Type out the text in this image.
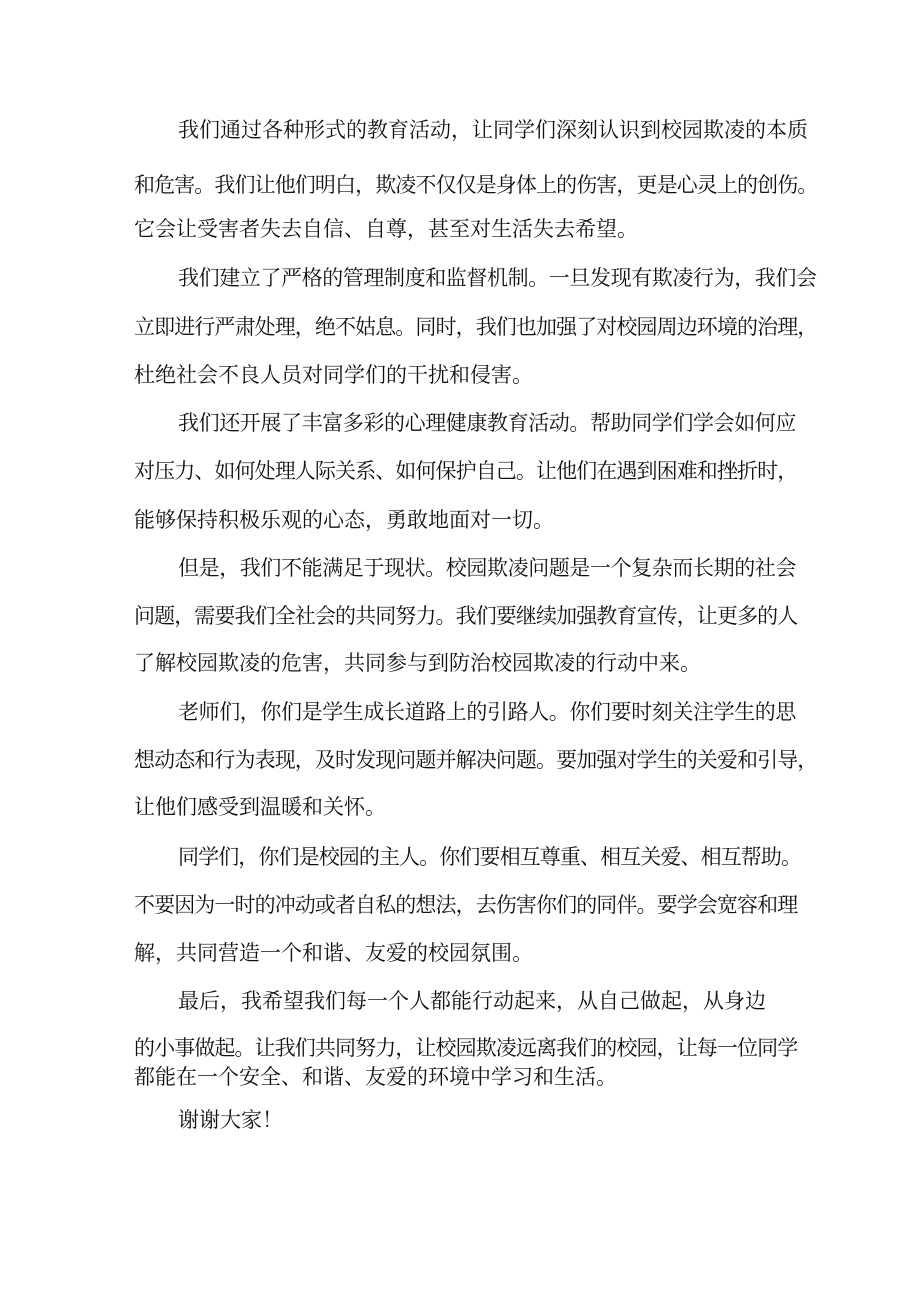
我们通过各种形式的教育活动，让同学们深刻认识到校园欺凌的本质
和危害。我们让他们明白，欺凌不仅仅是身体上的伤害，更是心灵上的创伤。
它会让受害者失去自信、自尊，甚至对生活失去希望。
我们建立了严格的管理制度和监督机制。一旦发现有欺凌行为，我们会
立即进行严肃处理，绝不姑息。同时，我们也加强了对校园周边环境的治理，
杜绝社会不良人员对同学们的干扰和侵害。
我们还开展了丰富多彩的心理健康教育活动。帮助同学们学会如何应
对压力、如何处理人际关系、如何保护自己。让他们在遇到困难和挫折时，
能够保持积极乐观的心态，勇敢地面对一切。
但是，我们不能满足于现状。校园欺凌问题是一个复杂而长期的社会
问题，需要我们全社会的共同努力。我们要继续加强教育宣传，让更多的人
了解校园欺凌的危害，共同参与到防治校园欺凌的行动中来。
老师们，你们是学生成长道路上的引路人。你们要时刻关注学生的思
想动态和行为表现，及时发现问题并解决问题。要加强对学生的关爱和引导，
让他们感受到温暖和关怀。
同学们，你们是校园的主人。你们要相互尊重、相互关爱、相互帮助。
不要因为一时的冲动或者自私的想法，去伤害你们的同伴。要学会宽容和理
解，共同营造一个和谐、友爱的校园氛围。
最后，我希望我们每一个人都能行动起来，从自己做起，从身边
的小事做起。让我们共同努力，让校园欺凌远离我们的校园，让每一位同学
都能在一个安全、和谐、友爱的环境中学习和生活。
谢谢大家！
